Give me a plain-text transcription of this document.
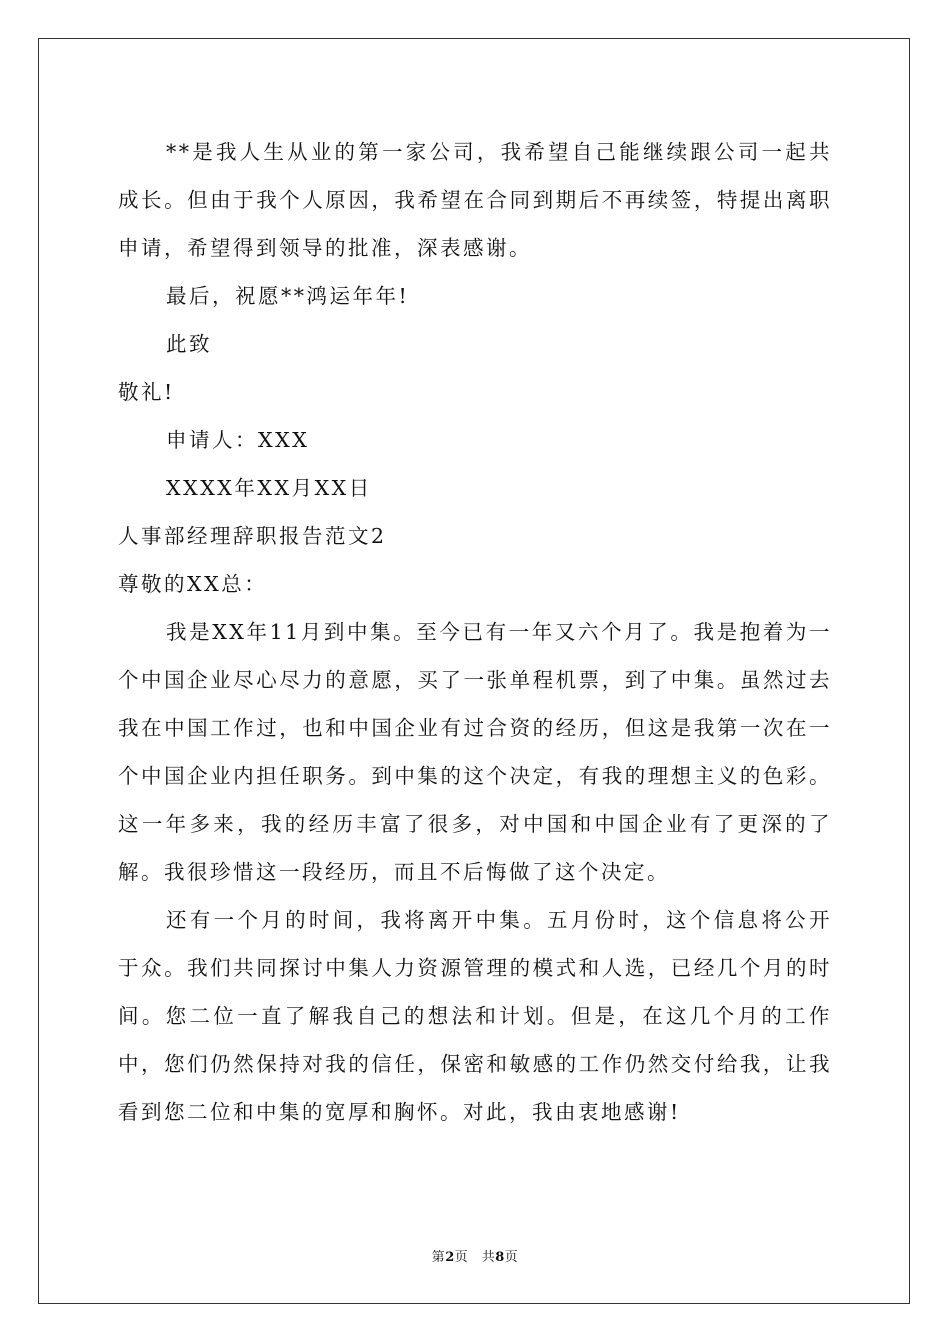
**是我人生从业的第一家公司，我希望自己能继续跟公司一起共成长。但由于我个人原因，我希望在合同到期后不再续签，特提出离职申请，希望得到领导的批准，深表感谢。

最后，祝愿**鸿运年年!

此致

敬礼!

申请人：XXX

XXXX年XX月XX日

人事部经理辞职报告范文2

尊敬的XX总：

我是XX年11月到中集。至今已有一年又六个月了。我是抱着为一个中国企业尽心尽力的意愿，买了一张单程机票，到了中集。虽然过去我在中国工作过，也和中国企业有过合资的经历，但这是我第一次在一个中国企业内担任职务。到中集的这个决定，有我的理想主义的色彩。这一年多来，我的经历丰富了很多，对中国和中国企业有了更深的了解。我很珍惜这一段经历，而且不后悔做了这个决定。

还有一个月的时间，我将离开中集。五月份时，这个信息将公开于众。我们共同探讨中集人力资源管理的模式和人选，已经几个月的时间。您二位一直了解我自己的想法和计划。但是，在这几个月的工作中，您们仍然保持对我的信任，保密和敏感的工作仍然交付给我，让我看到您二位和中集的宽厚和胸怀。对此，我由衷地感谢!

第2页　共8页
